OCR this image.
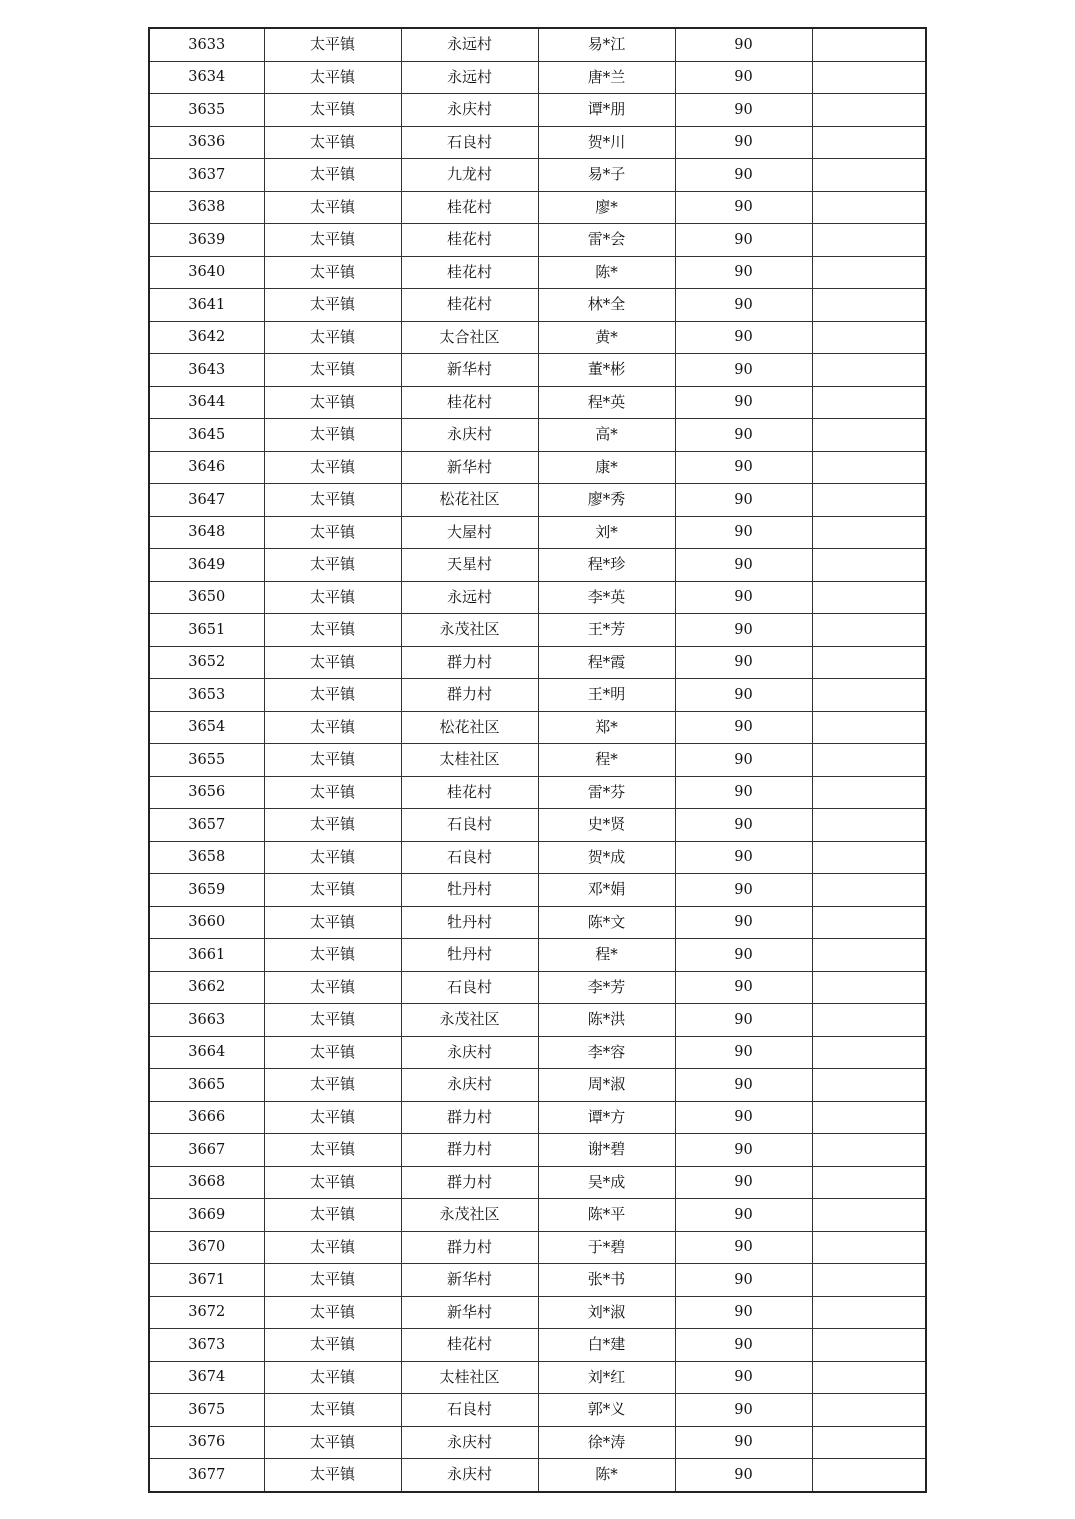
3633	太平镇	永远村	易*江	90	
3634	太平镇	永远村	唐*兰	90	
3635	太平镇	永庆村	谭*朋	90	
3636	太平镇	石良村	贺*川	90	
3637	太平镇	九龙村	易*子	90	
3638	太平镇	桂花村	廖*	90	
3639	太平镇	桂花村	雷*会	90	
3640	太平镇	桂花村	陈*	90	
3641	太平镇	桂花村	林*全	90	
3642	太平镇	太合社区	黄*	90	
3643	太平镇	新华村	董*彬	90	
3644	太平镇	桂花村	程*英	90	
3645	太平镇	永庆村	高*	90	
3646	太平镇	新华村	康*	90	
3647	太平镇	松花社区	廖*秀	90	
3648	太平镇	大屋村	刘*	90	
3649	太平镇	天星村	程*珍	90	
3650	太平镇	永远村	李*英	90	
3651	太平镇	永茂社区	王*芳	90	
3652	太平镇	群力村	程*霞	90	
3653	太平镇	群力村	王*明	90	
3654	太平镇	松花社区	郑*	90	
3655	太平镇	太桂社区	程*	90	
3656	太平镇	桂花村	雷*芬	90	
3657	太平镇	石良村	史*贤	90	
3658	太平镇	石良村	贺*成	90	
3659	太平镇	牡丹村	邓*娟	90	
3660	太平镇	牡丹村	陈*文	90	
3661	太平镇	牡丹村	程*	90	
3662	太平镇	石良村	李*芳	90	
3663	太平镇	永茂社区	陈*洪	90	
3664	太平镇	永庆村	李*容	90	
3665	太平镇	永庆村	周*淑	90	
3666	太平镇	群力村	谭*方	90	
3667	太平镇	群力村	谢*碧	90	
3668	太平镇	群力村	吴*成	90	
3669	太平镇	永茂社区	陈*平	90	
3670	太平镇	群力村	于*碧	90	
3671	太平镇	新华村	张*书	90	
3672	太平镇	新华村	刘*淑	90	
3673	太平镇	桂花村	白*建	90	
3674	太平镇	太桂社区	刘*红	90	
3675	太平镇	石良村	郭*义	90	
3676	太平镇	永庆村	徐*涛	90	
3677	太平镇	永庆村	陈*	90	
